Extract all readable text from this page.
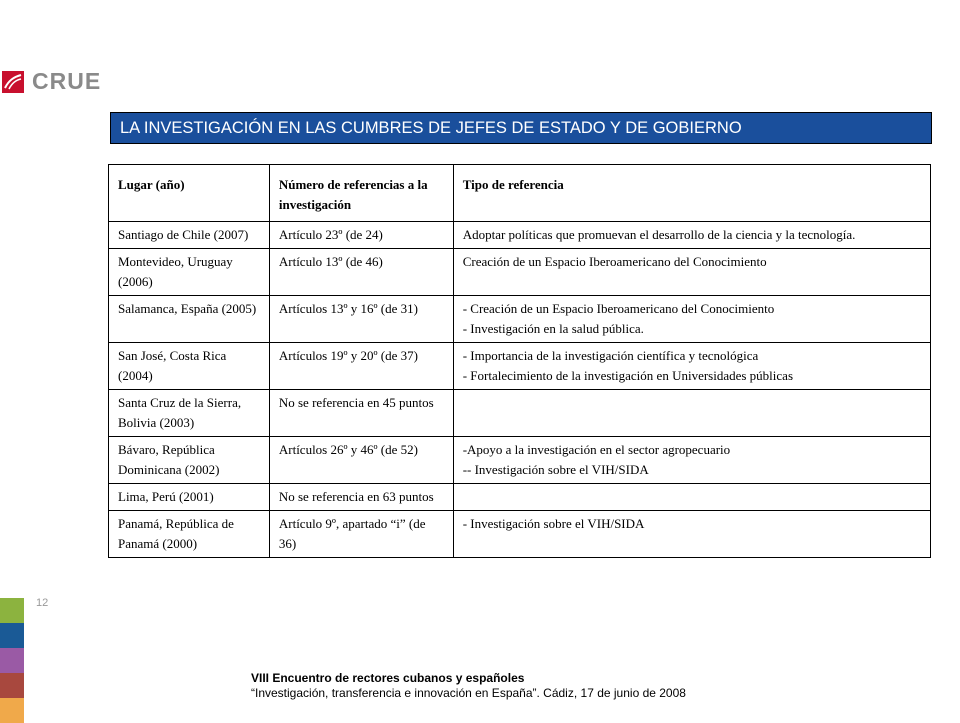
CRUE
LA INVESTIGACIÓN EN LAS CUMBRES DE JEFES DE ESTADO Y DE GOBIERNO
Lugar (año)	Número de referencias a la investigación	Tipo de referencia
Santiago de Chile (2007)	Artículo 23º (de 24)	Adoptar políticas que promuevan el desarrollo de la ciencia y la tecnología.
Montevideo, Uruguay (2006)	Artículo 13º (de 46)	Creación de un Espacio Iberoamericano del Conocimiento
Salamanca, España (2005)	Artículos 13º y 16º (de 31)	- Creación de un Espacio Iberoamericano del Conocimiento
- Investigación en la salud pública.
San José, Costa Rica (2004)	Artículos 19º y 20º (de 37)	- Importancia de la investigación científica y tecnológica
- Fortalecimiento de la investigación en Universidades públicas
Santa Cruz de la Sierra, Bolivia (2003)	No se referencia en 45 puntos	
Bávaro, República Dominicana (2002)	Artículos 26º y 46º (de 52)	-Apoyo a la investigación en el sector agropecuario
-- Investigación sobre el VIH/SIDA
Lima, Perú (2001)	No se referencia en 63 puntos	
Panamá, República de Panamá (2000)	Artículo 9º, apartado “i” (de 36)	- Investigación sobre el VIH/SIDA
12
VIII Encuentro de rectores cubanos y españoles
“Investigación, transferencia e innovación en España”. Cádiz, 17 de junio de 2008
